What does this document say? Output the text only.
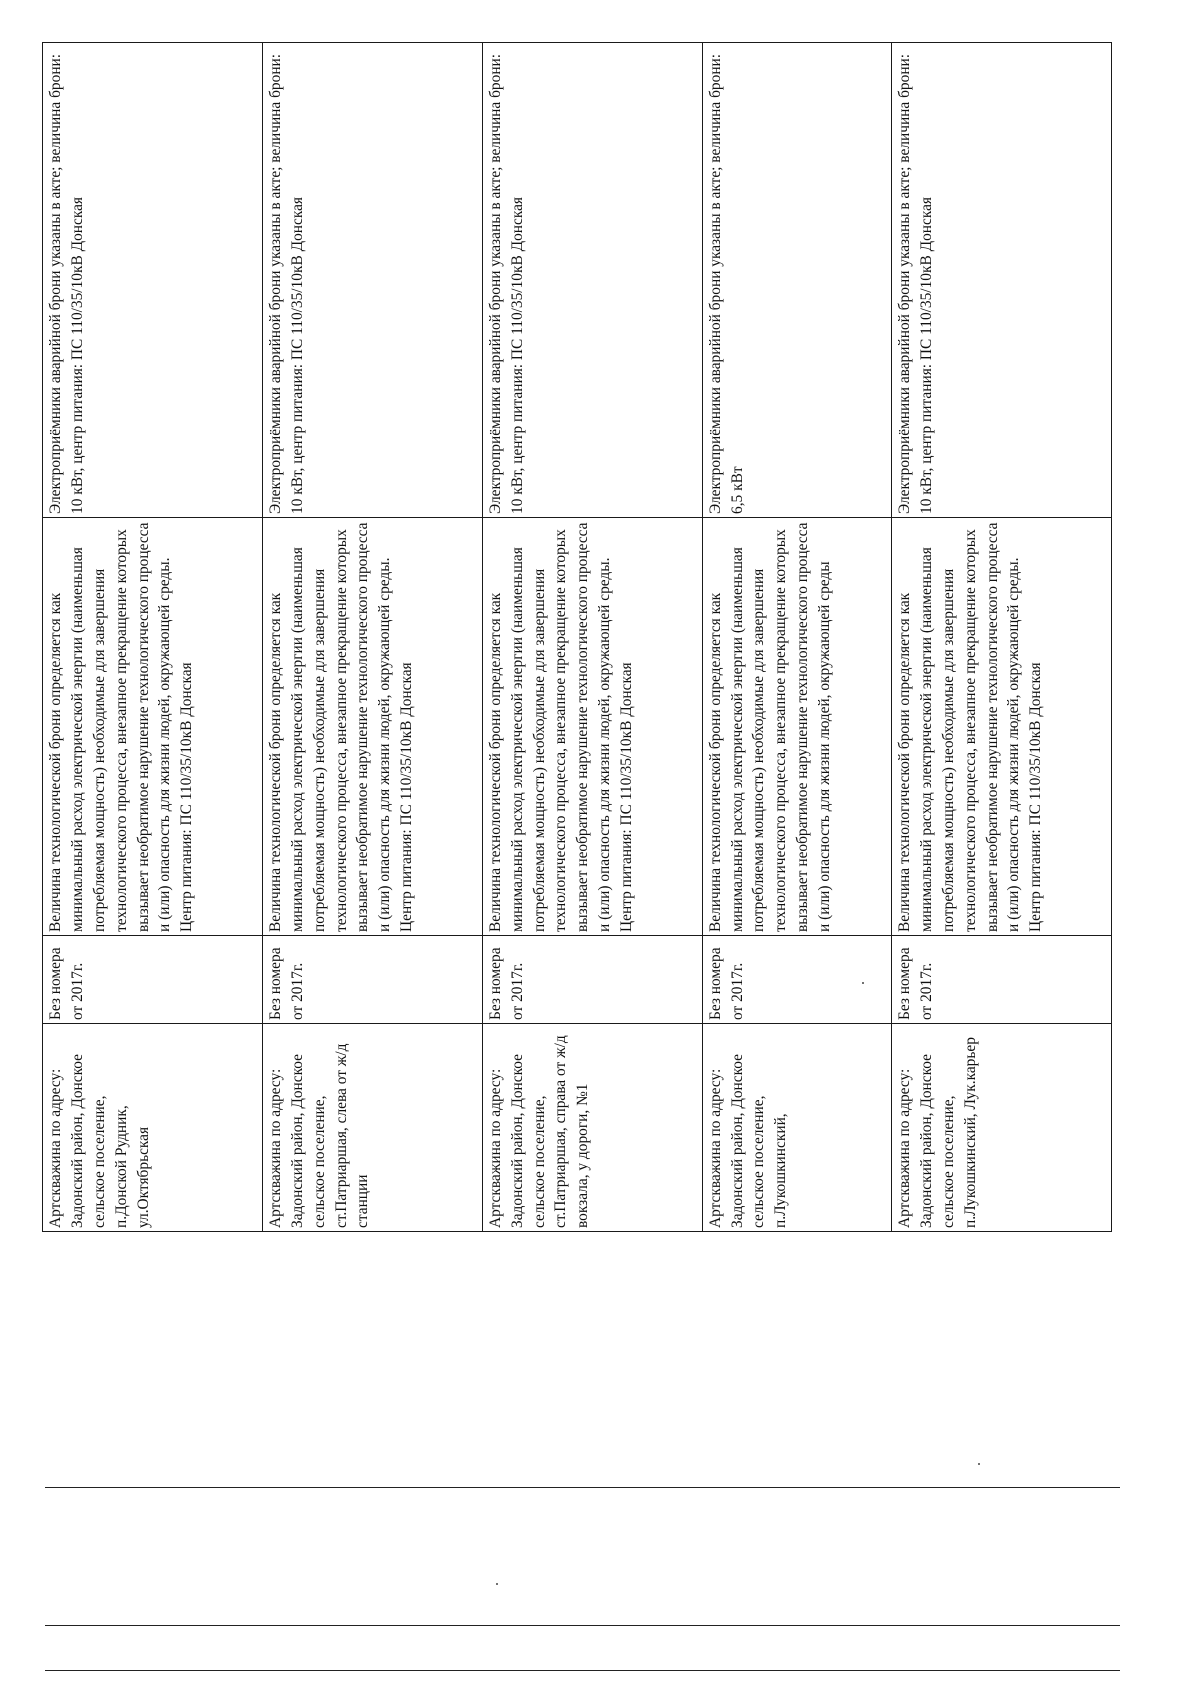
Артскважина по адресу: Задонский район, Донское сельское поселение, п.Донской Рудник, ул.Октябрьская	Без номера от 2017г.	Величина технологической брони определяется как минимальный расход электрической энергии (наименьшая потребляемая мощность) необходимые для завершения технологического процесса, внезапное прекращение которых вызывает необратимое нарушение технологического процесса и (или) опасность для жизни людей, окружающей среды. Центр питания: ПС 110/35/10кВ Донская	Электроприёмники аварийной брони указаны в акте; величина брони: 10 кВт, центр питания: ПС 110/35/10кВ Донская
Артскважина по адресу: Задонский район, Донское сельское поселение, ст.Патриаршая, слева от ж/д станции	Без номера от 2017г.	Величина технологической брони определяется как минимальный расход электрической энергии (наименьшая потребляемая мощность) необходимые для завершения технологического процесса, внезапное прекращение которых вызывает необратимое нарушение технологического процесса и (или) опасность для жизни людей, окружающей среды. Центр питания: ПС 110/35/10кВ Донская	Электроприёмники аварийной брони указаны в акте; величина брони: 10 кВт, центр питания: ПС 110/35/10кВ Донская
Артскважина по адресу: Задонский район, Донское сельское поселение, ст.Патриаршая, справа от ж/д вокзала, у дороги, №1	Без номера от 2017г.	Величина технологической брони определяется как минимальный расход электрической энергии (наименьшая потребляемая мощность) необходимые для завершения технологического процесса, внезапное прекращение которых вызывает необратимое нарушение технологического процесса и (или) опасность для жизни людей, окружающей среды. Центр питания: ПС 110/35/10кВ Донская	Электроприёмники аварийной брони указаны в акте; величина брони: 10 кВт, центр питания: ПС 110/35/10кВ Донская
Артскважина по адресу: Задонский район, Донское сельское поселение, п.Лукошкинский,	Без номера от 2017г.	Величина технологической брони определяется как минимальный расход электрической энергии (наименьшая потребляемая мощность) необходимые для завершения технологического процесса, внезапное прекращение которых вызывает необратимое нарушение технологического процесса и (или) опасность для жизни людей, окружающей среды	Электроприёмники аварийной брони указаны в акте; величина брони: 6,5 кВт
Артскважина по адресу: Задонский район, Донское сельское поселение, п.Лукошкинский, Лук.карьер	Без номера от 2017г.	Величина технологической брони определяется как минимальный расход электрической энергии (наименьшая потребляемая мощность) необходимые для завершения технологического процесса, внезапное прекращение которых вызывает необратимое нарушение технологического процесса и (или) опасность для жизни людей, окружающей среды. Центр питания: ПС 110/35/10кВ Донская	Электроприёмники аварийной брони указаны в акте; величина брони: 10 кВт, центр питания: ПС 110/35/10кВ Донская
